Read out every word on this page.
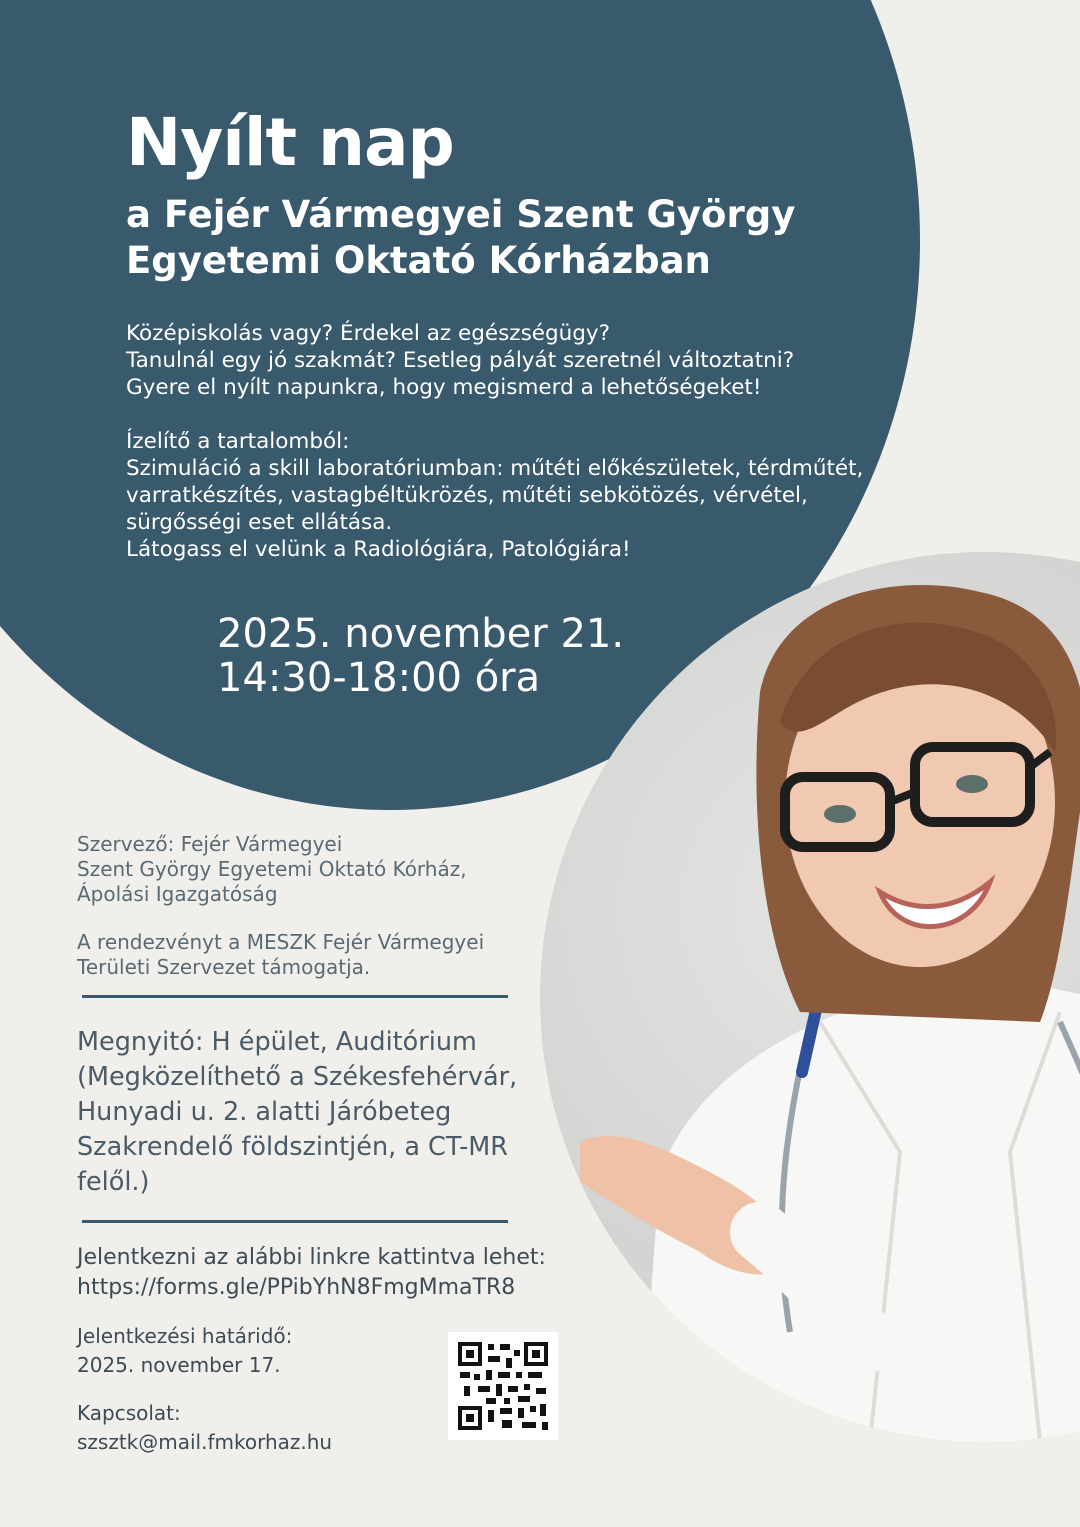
Nyílt nap
a Fejér Vármegyei Szent György
Egyetemi Oktató Kórházban

Középiskolás vagy? Érdekel az egészségügy?
Tanulnál egy jó szakmát? Esetleg pályát szeretnél változtatni?
Gyere el nyílt napunkra, hogy megismerd a lehetőségeket!

Ízelítő a tartalomból:
Szimuláció a skill laboratóriumban: műtéti előkészületek, térdműtét,
varratkészítés, vastagbéltükrözés, műtéti sebkötözés, vérvétel,
sürgősségi eset ellátása.
Látogass el velünk a Radiológiára, Patológiára!

2025. november 21.
14:30-18:00 óra
Szervező: Fejér Vármegyei
Szent György Egyetemi Oktató Kórház,
Ápolási Igazgatóság
A rendezvényt a MESZK Fejér Vármegyei
Területi Szervezet támogatja.
Megnyitó: H épület, Auditórium
(Megközelíthető a Székesfehérvár,
Hunyadi u. 2. alatti Járóbeteg
Szakrendelő földszintjén, a CT-MR
felől.)
Jelentkezni az alábbi linkre kattintva lehet:
https://forms.gle/PPibYhN8FmgMmaTR8
Jelentkezési határidő:
2025. november 17.
Kapcsolat:
szsztk@mail.fmkorhaz.hu
